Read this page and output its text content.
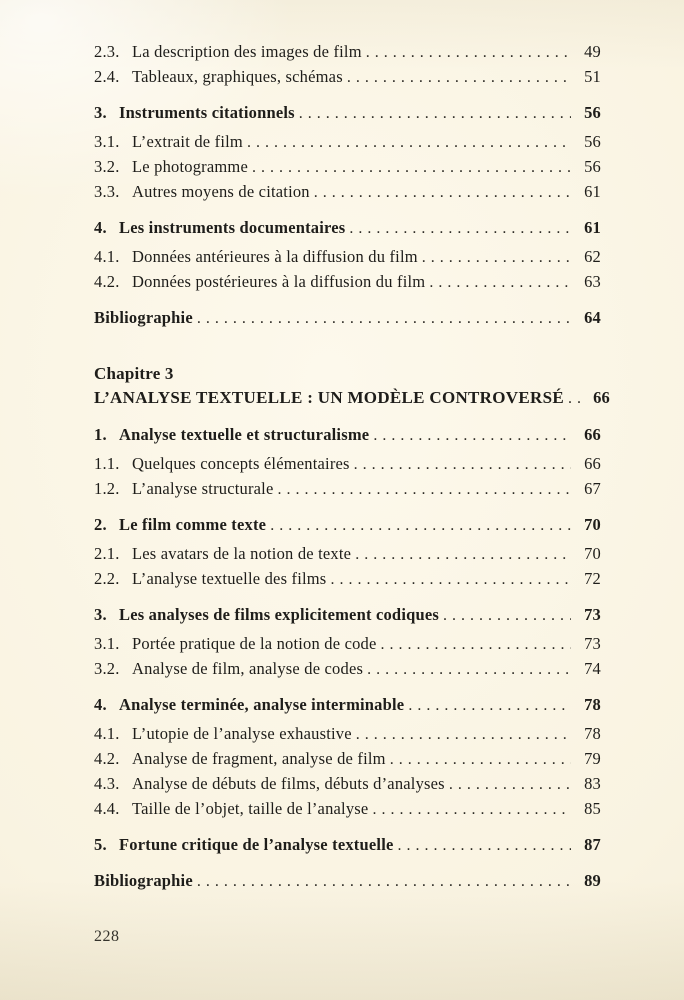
2.3. La description des images de film .....	49
2.4. Tableaux, graphiques, schémas .....	51
3. Instruments citationnels .....	56
3.1. L’extrait de film .....	56
3.2. Le photogramme .....	56
3.3. Autres moyens de citation .....	61
4. Les instruments documentaires .....	61
4.1. Données antérieures à la diffusion du film .....	62
4.2. Données postérieures à la diffusion du film .....	63
Bibliographie .....	64
Chapitre 3
L’ANALYSE TEXTUELLE : UN MODÈLE CONTROVERSÉ .....	66
1. Analyse textuelle et structuralisme .....	66
1.1. Quelques concepts élémentaires .....	66
1.2. L’analyse structurale .....	67
2. Le film comme texte .....	70
2.1. Les avatars de la notion de texte .....	70
2.2. L’analyse textuelle des films .....	72
3. Les analyses de films explicitement codiques .....	73
3.1. Portée pratique de la notion de code .....	73
3.2. Analyse de film, analyse de codes .....	74
4. Analyse terminée, analyse interminable .....	78
4.1. L’utopie de l’analyse exhaustive .....	78
4.2. Analyse de fragment, analyse de film .....	79
4.3. Analyse de débuts de films, débuts d’analyses .....	83
4.4. Taille de l’objet, taille de l’analyse .....	85
5. Fortune critique de l’analyse textuelle .....	87
Bibliographie .....	89
228
